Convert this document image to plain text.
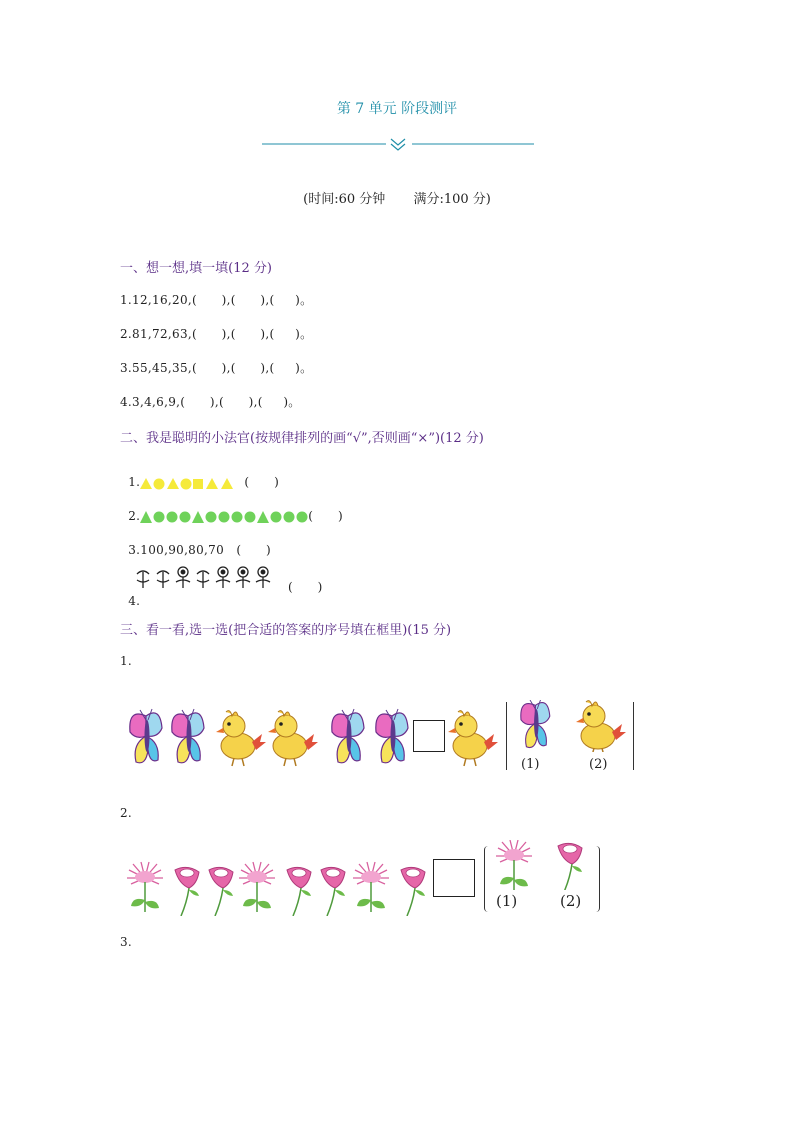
第 7 单元 阶段测评
(时间:60 分钟 满分:100 分)
一、想一想,填一填(12 分)
1.12,16,20,(      ),(      ),(     )。
2.81,72,63,(      ),(      ),(     )。
3.55,45,35,(      ),(      ),(     )。
4.3,4,6,9,(      ),(      ),(     )。
二、我是聪明的小法官(按规律排列的画“√”,否则画“×”)(12 分)

1.	(      )

2.	(      )

3.100,90,80,70 (      )

4.

(      )

三、看一看,选一选(把合适的答案的序号填在框里)(15 分)
1.
(1)	(2)
2.
(1)	(2)
3.
